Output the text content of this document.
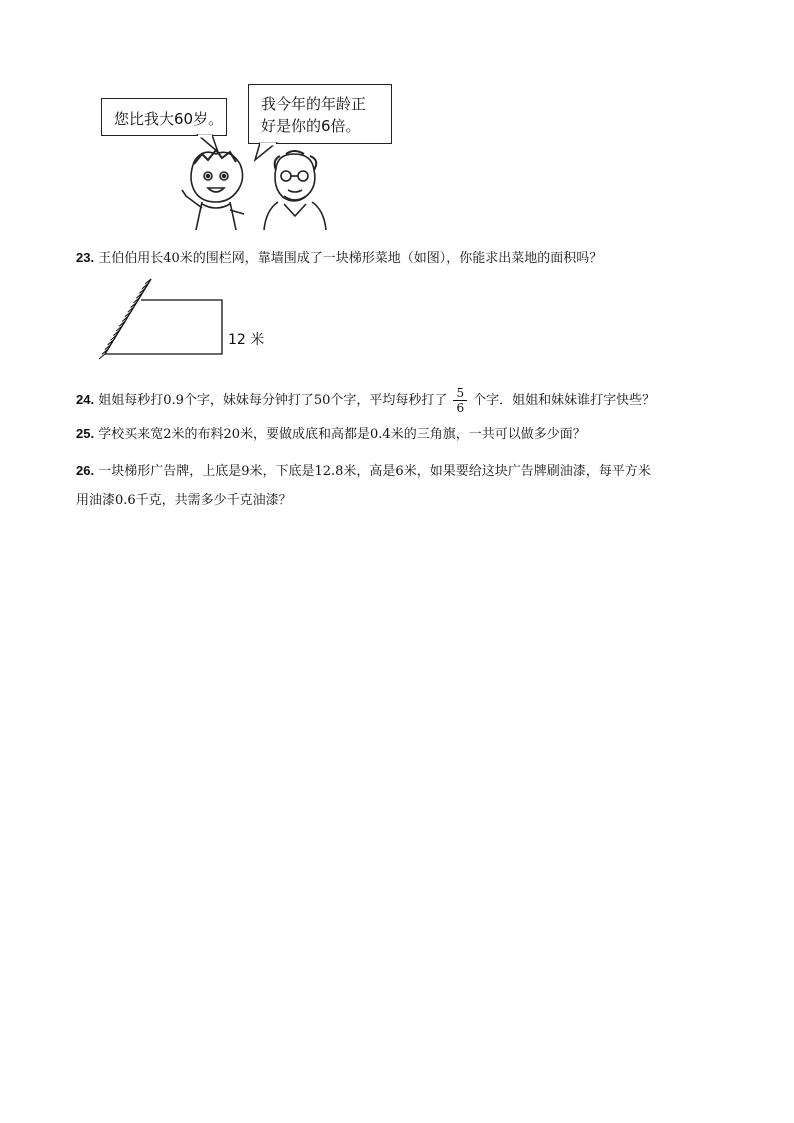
您比我大60岁。
我今年的年龄正
好是你的6倍。
23. 王伯伯用长40米的围栏网，靠墙围成了一块梯形菜地（如图），你能求出菜地的面积吗？
12 米
24. 姐姐每秒打0.9个字，妹妹每分钟打了50个字，平均每秒打了 $\frac{5}{6}$ 个字．姐姐和妹妹谁打字快些？
25. 学校买来宽2米的布料20米，要做成底和高都是0.4米的三角旗，一共可以做多少面？
26. 一块梯形广告牌，上底是9米，下底是12.8米，高是6米，如果要给这块广告牌刷油漆，每平方米
用油漆0.6千克，共需多少千克油漆？
